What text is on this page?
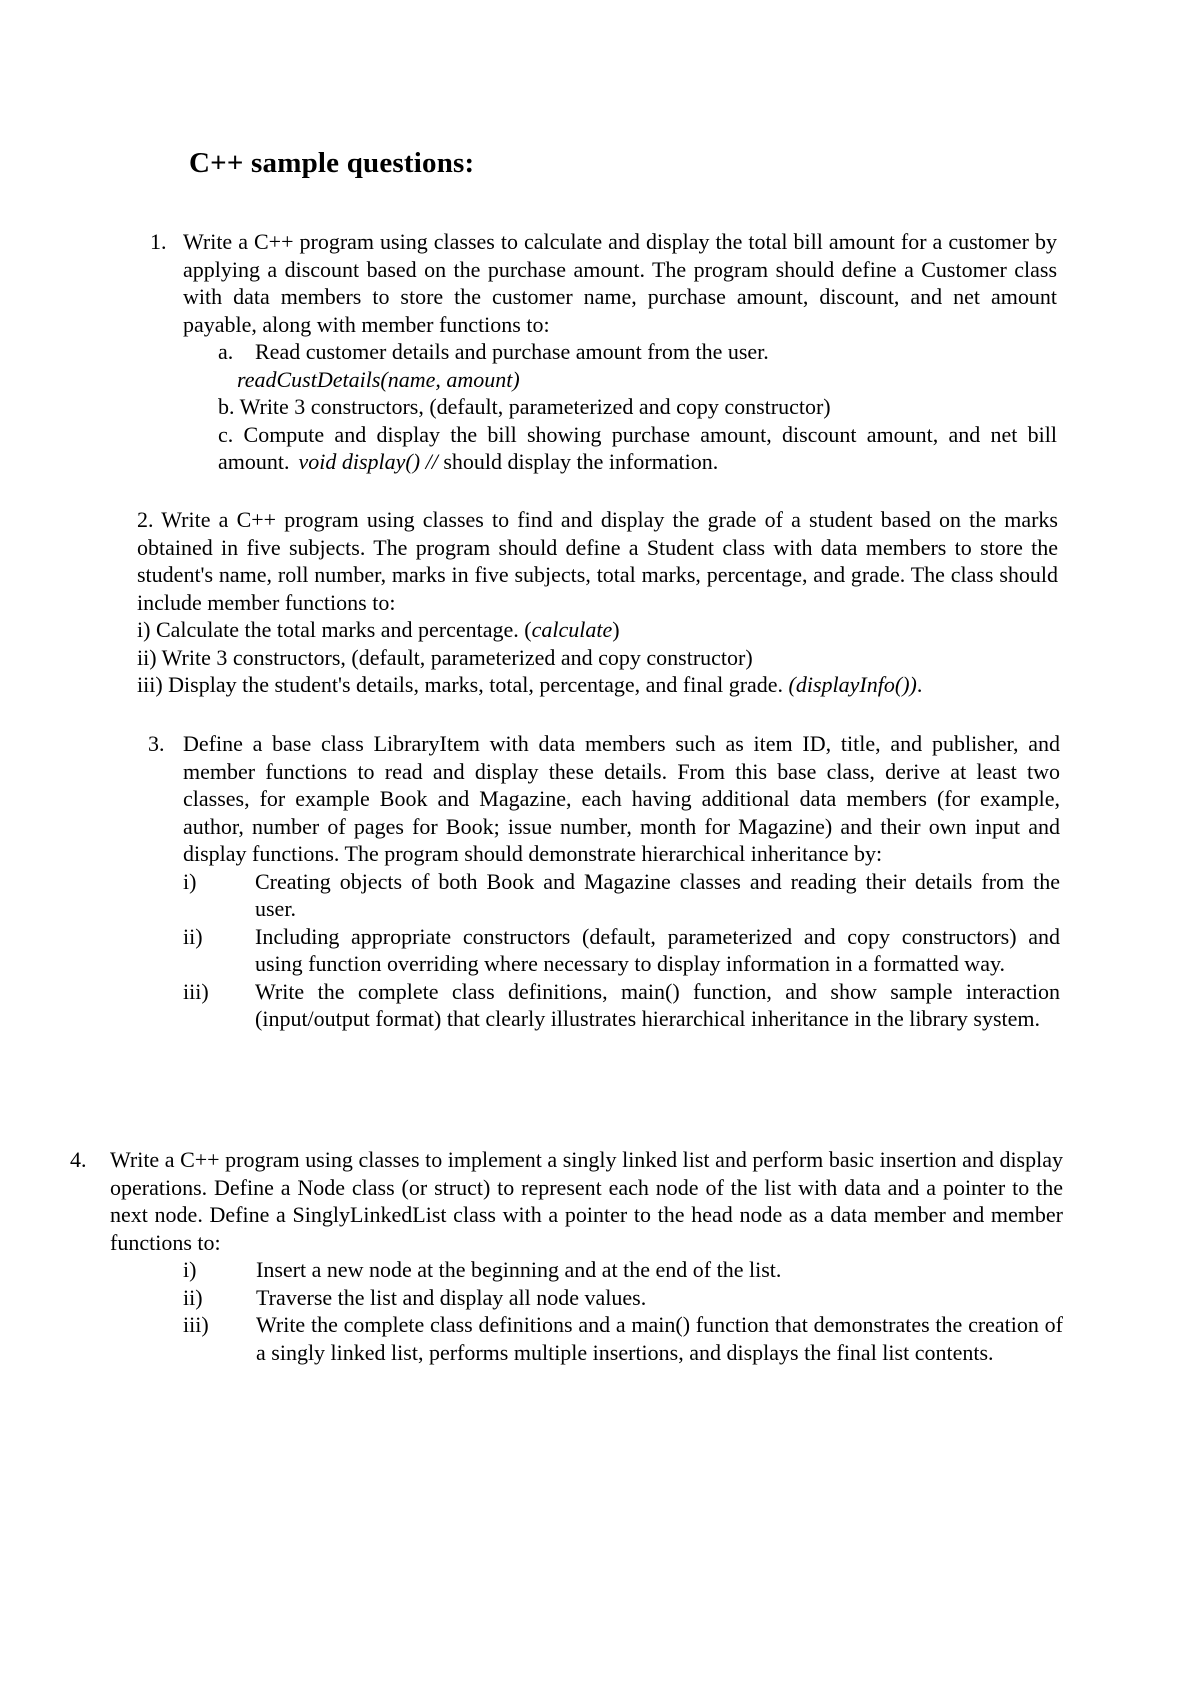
C++ sample questions:
1. Write a C++ program using classes to calculate and display the total bill amount for a customer by applying a discount based on the purchase amount. The program should define a Customer class with data members to store the customer name, purchase amount, discount, and net amount payable, along with member functions to:
a. Read customer details and purchase amount from the user.
readCustDetails(name, amount)
b. Write 3 constructors, (default, parameterized and copy constructor)
c. Compute and display the bill showing purchase amount, discount amount, and net bill amount. void display() // should display the information.
2. Write a C++ program using classes to find and display the grade of a student based on the marks obtained in five subjects. The program should define a Student class with data members to store the student's name, roll number, marks in five subjects, total marks, percentage, and grade. The class should include member functions to:
i) Calculate the total marks and percentage. (calculate)
ii) Write 3 constructors, (default, parameterized and copy constructor)
iii) Display the student's details, marks, total, percentage, and final grade. (displayInfo()).
3. Define a base class LibraryItem with data members such as item ID, title, and publisher, and member functions to read and display these details. From this base class, derive at least two classes, for example Book and Magazine, each having additional data members (for example, author, number of pages for Book; issue number, month for Magazine) and their own input and display functions. The program should demonstrate hierarchical inheritance by:
i)	Creating objects of both Book and Magazine classes and reading their details from the user.
ii) Including appropriate constructors (default, parameterized and copy constructors) and using function overriding where necessary to display information in a formatted way.
iii) Write the complete class definitions, main() function, and show sample interaction (input/output format) that clearly illustrates hierarchical inheritance in the library system.
4. Write a C++ program using classes to implement a singly linked list and perform basic insertion and display operations. Define a Node class (or struct) to represent each node of the list with data and a pointer to the next node. Define a SinglyLinkedList class with a pointer to the head node as a data member and member functions to:
i)	Insert a new node at the beginning and at the end of the list.
ii) Traverse the list and display all node values.
iii) Write the complete class definitions and a main() function that demonstrates the creation of a singly linked list, performs multiple insertions, and displays the final list contents.
